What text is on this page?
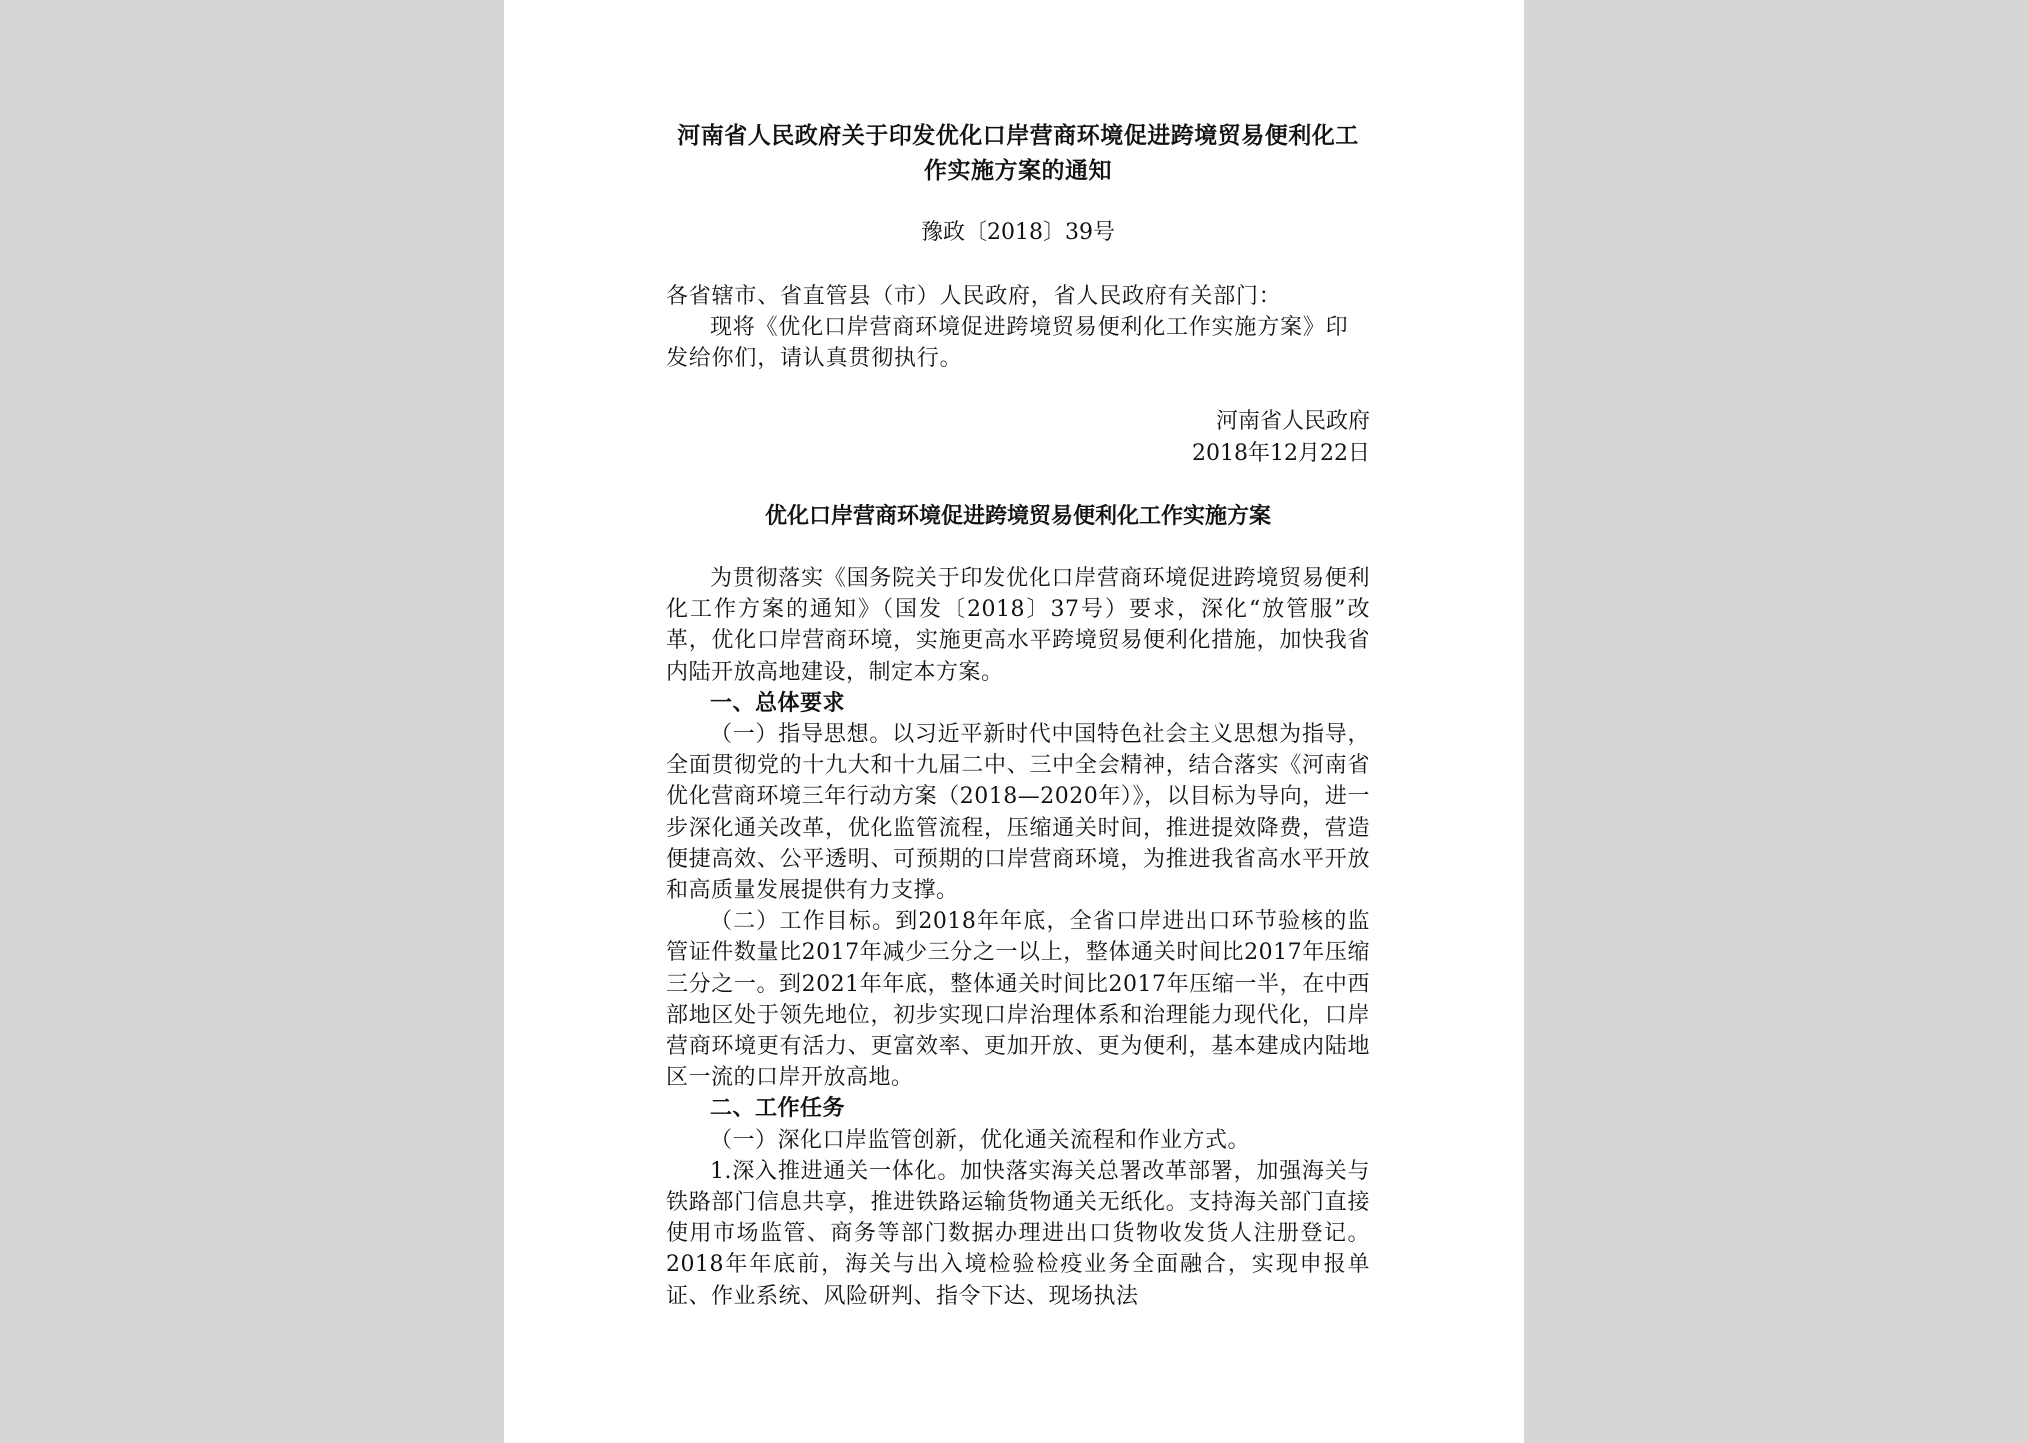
河南省人民政府关于印发优化口岸营商环境促进跨境贸易便利化工作实施方案的通知
豫政〔2018〕39号

各省辖市、省直管县（市）人民政府，省人民政府有关部门：

现将《优化口岸营商环境促进跨境贸易便利化工作实施方案》印发给你们，请认真贯彻执行。

河南省人民政府

2018年12月22日

优化口岸营商环境促进跨境贸易便利化工作实施方案

为贯彻落实《国务院关于印发优化口岸营商环境促进跨境贸易便利化工作方案的通知》（国发〔2018〕37号）要求，深化“放管服”改革，优化口岸营商环境，实施更高水平跨境贸易便利化措施，加快我省内陆开放高地建设，制定本方案。

一、总体要求

（一）指导思想。以习近平新时代中国特色社会主义思想为指导，全面贯彻党的十九大和十九届二中、三中全会精神，结合落实《河南省优化营商环境三年行动方案（2018—2020年）》，以目标为导向，进一步深化通关改革，优化监管流程，压缩通关时间，推进提效降费，营造便捷高效、公平透明、可预期的口岸营商环境，为推进我省高水平开放和高质量发展提供有力支撑。

（二）工作目标。到2018年年底，全省口岸进出口环节验核的监管证件数量比2017年减少三分之一以上，整体通关时间比2017年压缩三分之一。到2021年年底，整体通关时间比2017年压缩一半，在中西部地区处于领先地位，初步实现口岸治理体系和治理能力现代化，口岸营商环境更有活力、更富效率、更加开放、更为便利，基本建成内陆地区一流的口岸开放高地。

二、工作任务

（一）深化口岸监管创新，优化通关流程和作业方式。

1.深入推进通关一体化。加快落实海关总署改革部署，加强海关与铁路部门信息共享，推进铁路运输货物通关无纸化。支持海关部门直接使用市场监管、商务等部门数据办理进出口货物收发货人注册登记。2018年年底前，海关与出入境检验检疫业务全面融合，实现申报单证、作业系统、风险研判、指令下达、现场执法
